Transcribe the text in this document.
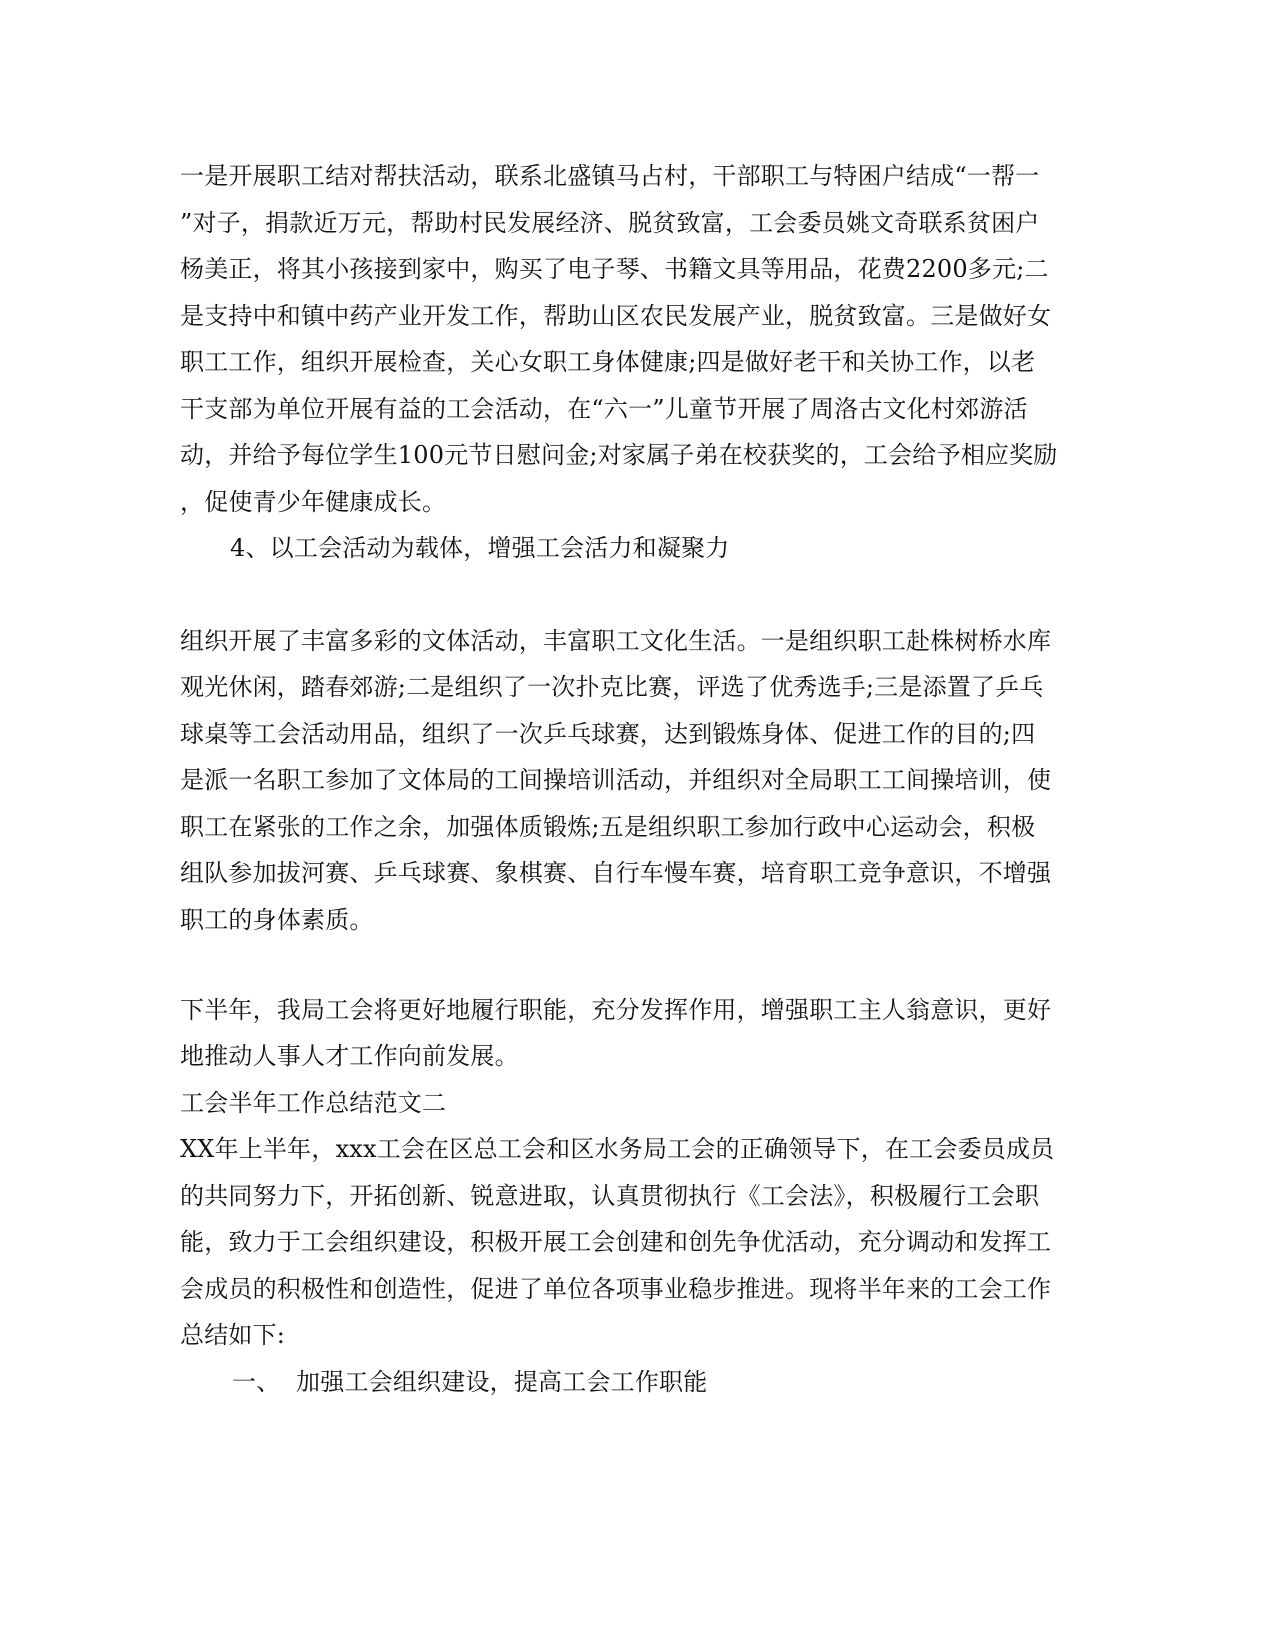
一是开展职工结对帮扶活动，联系北盛镇马占村，干部职工与特困户结成“一帮一
”对子，捐款近万元，帮助村民发展经济、脱贫致富，工会委员姚文奇联系贫困户
杨美正，将其小孩接到家中，购买了电子琴、书籍文具等用品，花费2200多元;二
是支持中和镇中药产业开发工作，帮助山区农民发展产业，脱贫致富。三是做好女
职工工作，组织开展检查，关心女职工身体健康;四是做好老干和关协工作，以老
干支部为单位开展有益的工会活动，在“六一”儿童节开展了周洛古文化村郊游活
动，并给予每位学生100元节日慰问金;对家属子弟在校获奖的，工会给予相应奖励
，促使青少年健康成长。
4、以工会活动为载体，增强工会活力和凝聚力
组织开展了丰富多彩的文体活动，丰富职工文化生活。一是组织职工赴株树桥水库
观光休闲，踏春郊游;二是组织了一次扑克比赛，评选了优秀选手;三是添置了乒乓
球桌等工会活动用品，组织了一次乒乓球赛，达到锻炼身体、促进工作的目的;四
是派一名职工参加了文体局的工间操培训活动，并组织对全局职工工间操培训，使
职工在紧张的工作之余，加强体质锻炼;五是组织职工参加行政中心运动会，积极
组队参加拔河赛、乒乓球赛、象棋赛、自行车慢车赛，培育职工竞争意识，不增强
职工的身体素质。
下半年，我局工会将更好地履行职能，充分发挥作用，增强职工主人翁意识，更好
地推动人事人才工作向前发展。
工会半年工作总结范文二
XX年上半年，xxx工会在区总工会和区水务局工会的正确领导下，在工会委员成员
的共同努力下，开拓创新、锐意进取，认真贯彻执行《工会法》，积极履行工会职
能，致力于工会组织建设，积极开展工会创建和创先争优活动，充分调动和发挥工
会成员的积极性和创造性，促进了单位各项事业稳步推进。现将半年来的工会工作
总结如下:
一、  加强工会组织建设，提高工会工作职能
